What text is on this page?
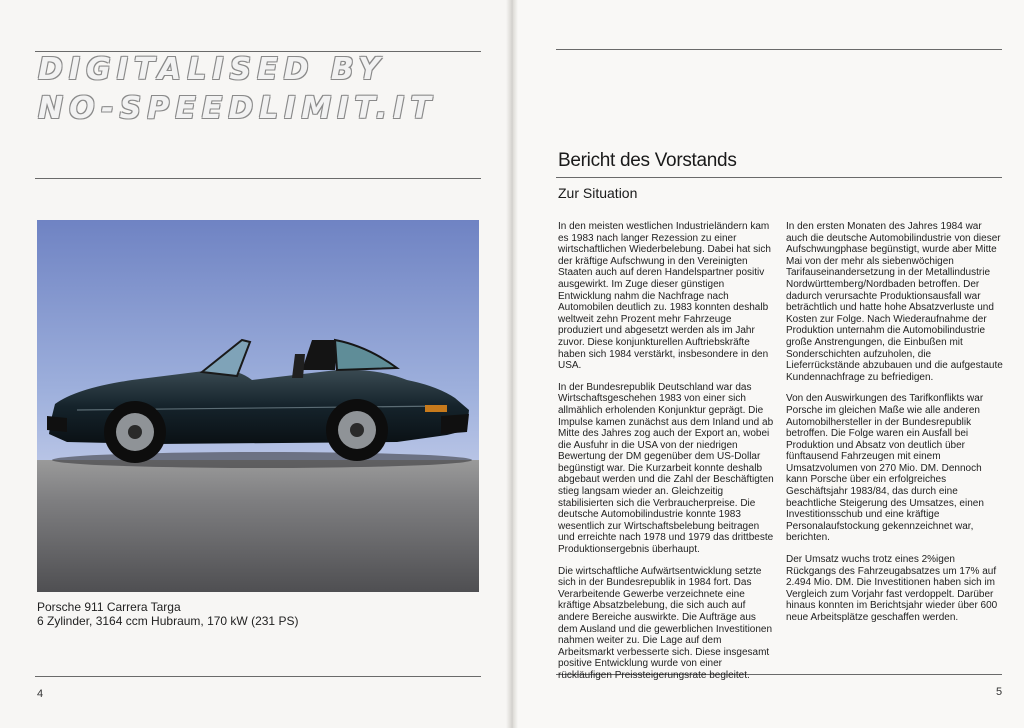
DIGITALISED BY
NO-SPEEDLIMIT.IT
Porsche 911 Carrera Targa
6 Zylinder, 3164 ccm Hubraum, 170 kW (231 PS)
4
Bericht des Vorstands
Zur Situation

In den meisten westlichen Industrieländern kam es 1983 nach langer Rezession zu einer wirtschaftlichen Wiederbelebung. Dabei hat sich der kräftige Aufschwung in den Vereinigten Staaten auch auf deren Handelspartner positiv ausgewirkt. Im Zuge dieser günstigen Entwicklung nahm die Nachfrage nach Automobilen deutlich zu. 1983 konnten deshalb weltweit zehn Prozent mehr Fahrzeuge produziert und abgesetzt werden als im Jahr zuvor. Diese konjunkturellen Auftriebskräfte haben sich 1984 verstärkt, insbesondere in den USA.

In der Bundesrepublik Deutschland war das Wirtschaftsgeschehen 1983 von einer sich allmählich erholenden Konjunktur geprägt. Die Impulse kamen zunächst aus dem Inland und ab Mitte des Jahres zog auch der Export an, wobei die Ausfuhr in die USA von der niedrigen Bewertung der DM gegenüber dem US-Dollar begünstigt war. Die Kurzarbeit konnte deshalb abgebaut werden und die Zahl der Beschäftigten stieg langsam wieder an. Gleichzeitig stabilisierten sich die Verbraucherpreise. Die deutsche Automobilindustrie konnte 1983 wesentlich zur Wirtschaftsbelebung beitragen und erreichte nach 1978 und 1979 das drittbeste Produktionsergebnis überhaupt.

Die wirtschaftliche Aufwärtsentwicklung setzte sich in der Bundesrepublik in 1984 fort. Das Verarbeitende Gewerbe verzeichnete eine kräftige Absatzbelebung, die sich auch auf andere Bereiche auswirkte. Die Aufträge aus dem Ausland und die gewerblichen Investitionen nahmen weiter zu. Die Lage auf dem Arbeitsmarkt verbesserte sich. Diese insgesamt positive Entwicklung wurde von einer rückläufigen Preissteigerungsrate begleitet.

In den ersten Monaten des Jahres 1984 war auch die deutsche Automobilindustrie von dieser Aufschwungphase begünstigt, wurde aber Mitte Mai von der mehr als siebenwöchigen Tarifauseinandersetzung in der Metallindustrie Nordwürttemberg/Nordbaden betroffen. Der dadurch verursachte Produktionsausfall war beträchtlich und hatte hohe Absatzverluste und Kosten zur Folge. Nach Wiederaufnahme der Produktion unternahm die Automobilindustrie große Anstrengungen, die Einbußen mit Sonderschichten aufzuholen, die Lieferrückstände abzubauen und die aufgestaute Kundennachfrage zu befriedigen.

Von den Auswirkungen des Tarifkonflikts war Porsche im gleichen Maße wie alle anderen Automobilhersteller in der Bundesrepublik betroffen. Die Folge waren ein Ausfall bei Produktion und Absatz von deutlich über fünftausend Fahrzeugen mit einem Umsatzvolumen von 270 Mio. DM. Dennoch kann Porsche über ein erfolgreiches Geschäftsjahr 1983/84, das durch eine beachtliche Steigerung des Umsatzes, einen Investitionsschub und eine kräftige Personalaufstockung gekennzeichnet war, berichten.

Der Umsatz wuchs trotz eines 2%igen Rückgangs des Fahrzeugabsatzes um 17% auf 2.494 Mio. DM. Die Investitionen haben sich im Vergleich zum Vorjahr fast verdoppelt. Darüber hinaus konnten im Berichtsjahr wieder über 600 neue Arbeitsplätze geschaffen werden.

5
